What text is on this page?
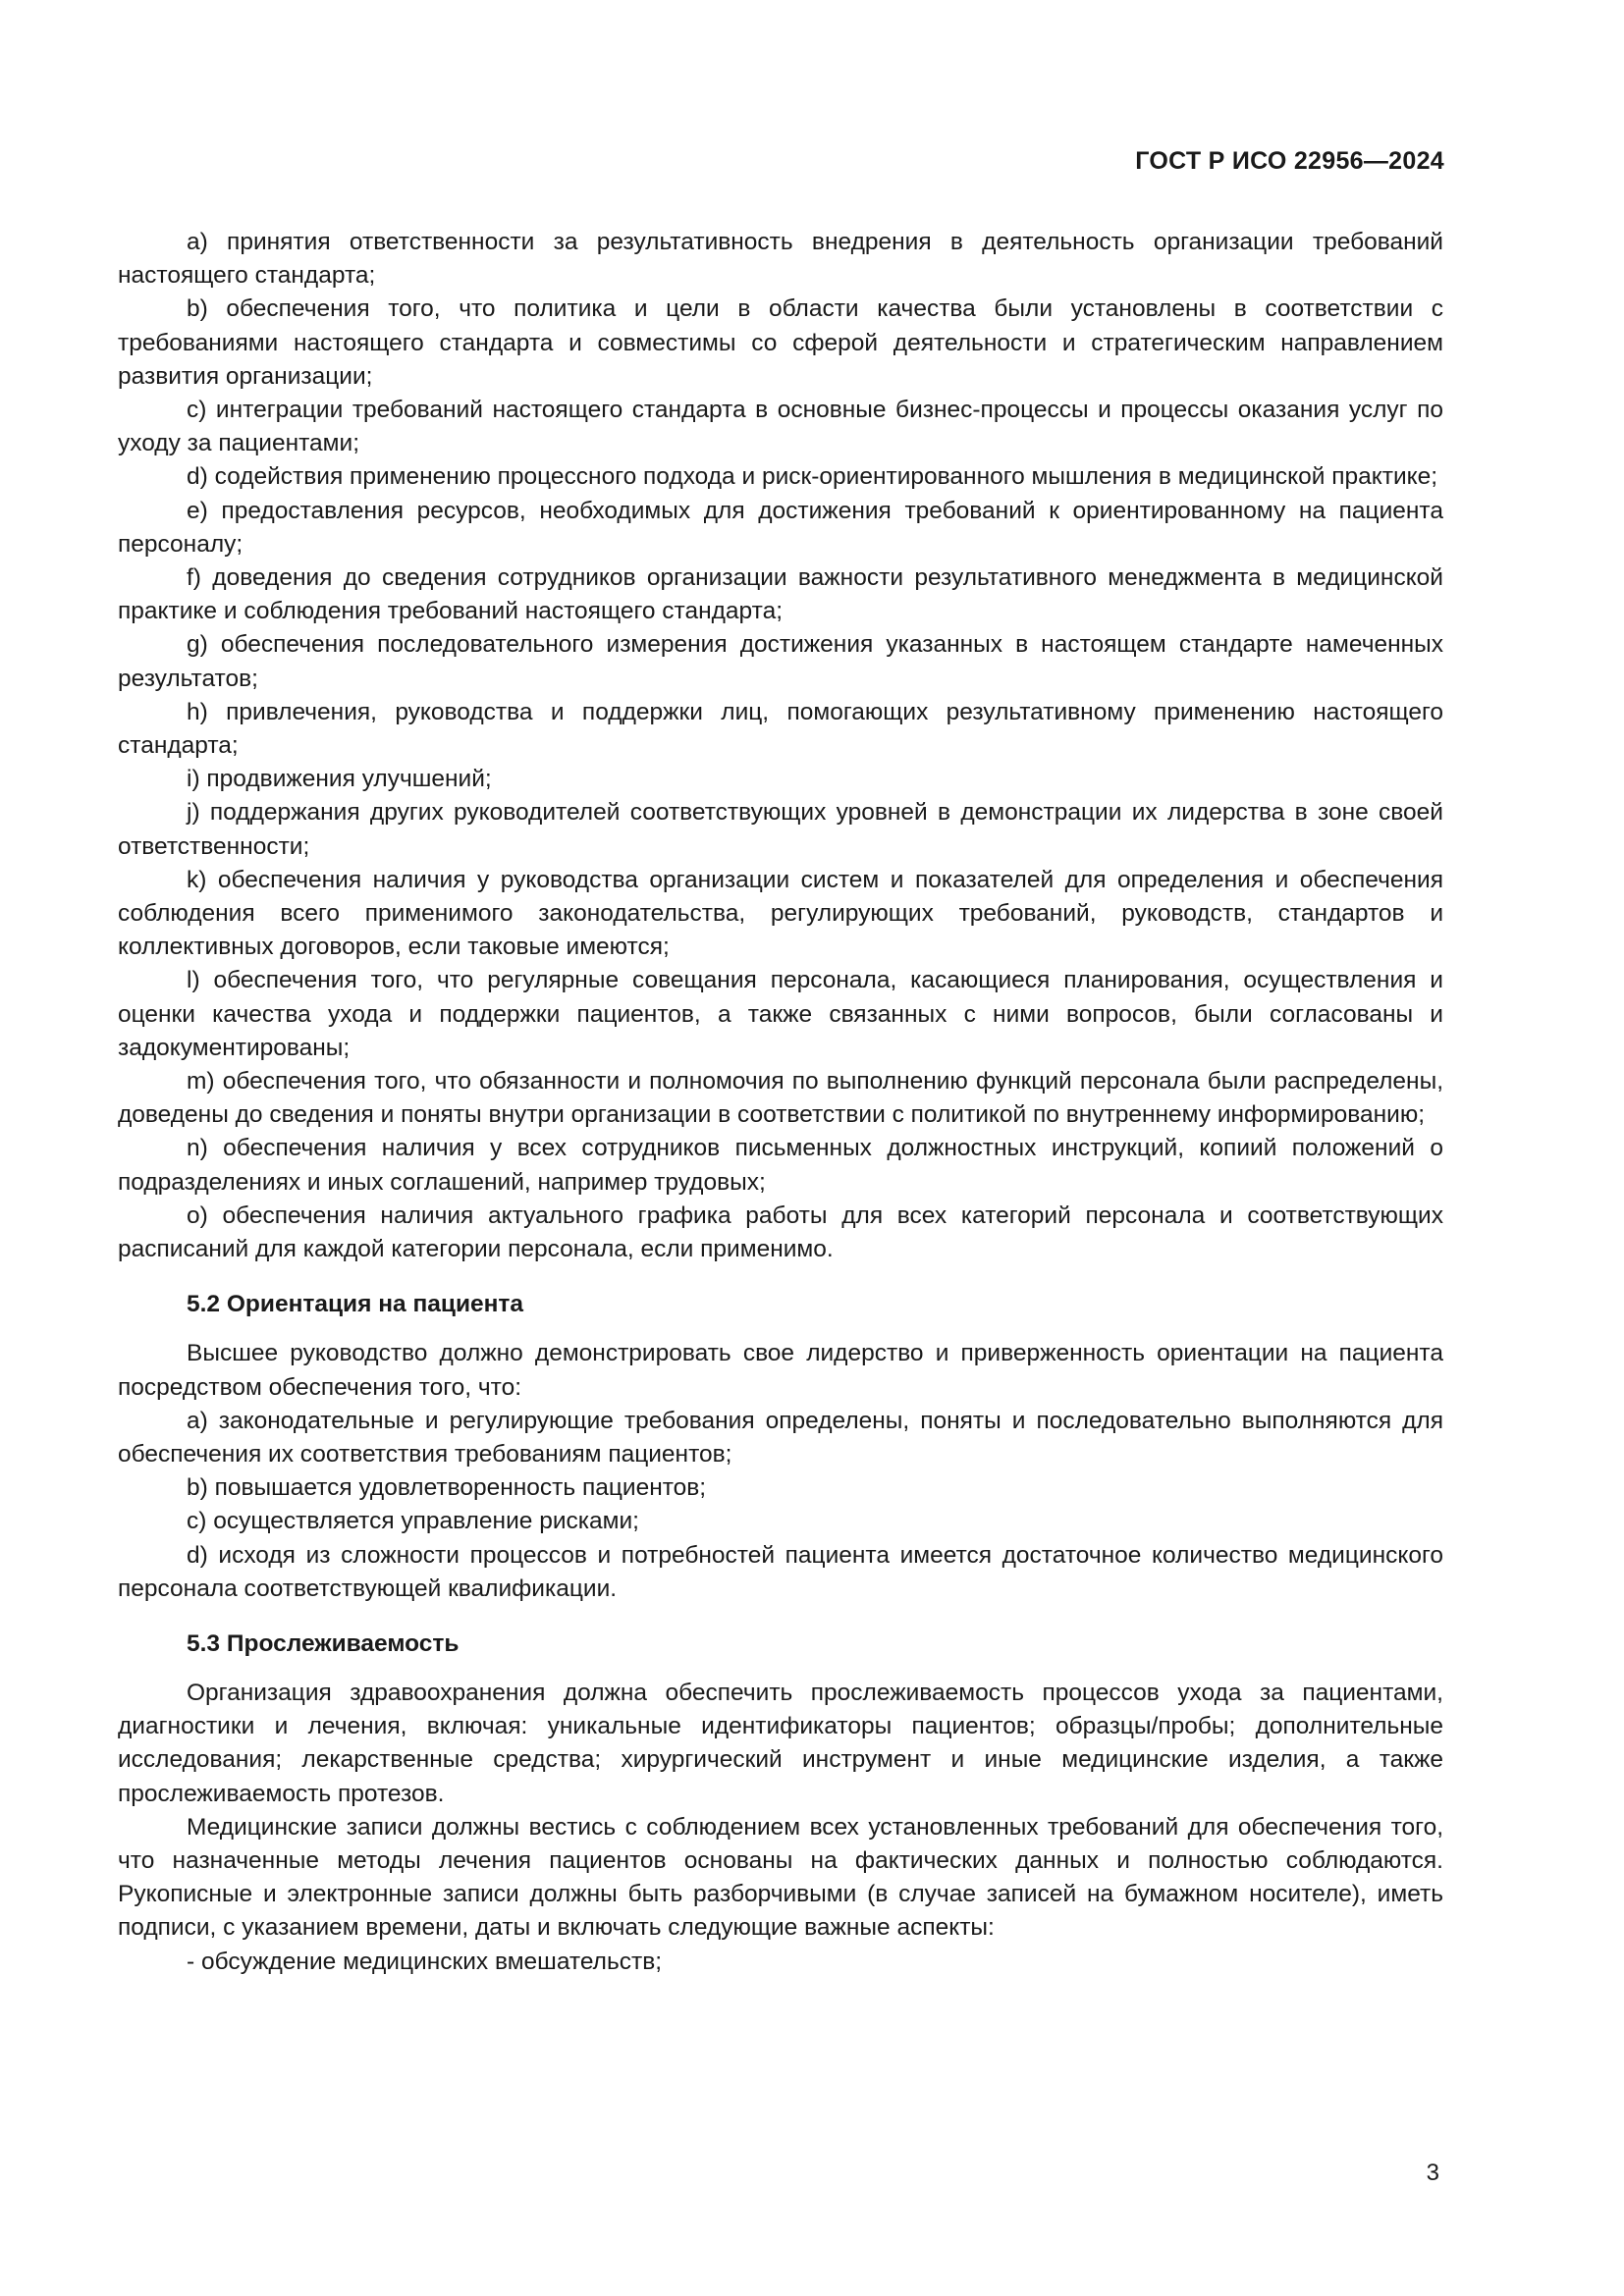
ГОСТ Р ИСО 22956—2024

а) принятия ответственности за результативность внедрения в деятельность организации требований настоящего стандарта;

b) обеспечения того, что политика и цели в области качества были установлены в соответствии с требованиями настоящего стандарта и совместимы со сферой деятельности и стратегическим направлением развития организации;

c) интеграции требований настоящего стандарта в основные бизнес-процессы и процессы оказания услуг по уходу за пациентами;

d) содействия применению процессного подхода и риск-ориентированного мышления в медицинской практике;

e) предоставления ресурсов, необходимых для достижения требований к ориентированному на пациента персоналу;

f) доведения до сведения сотрудников организации важности результативного менеджмента в медицинской практике и соблюдения требований настоящего стандарта;

g) обеспечения последовательного измерения достижения указанных в настоящем стандарте намеченных результатов;

h) привлечения, руководства и поддержки лиц, помогающих результативному применению настоящего стандарта;

i) продвижения улучшений;

j) поддержания других руководителей соответствующих уровней в демонстрации их лидерства в зоне своей ответственности;

k) обеспечения наличия у руководства организации систем и показателей для определения и обеспечения соблюдения всего применимого законодательства, регулирующих требований, руководств, стандартов и коллективных договоров, если таковые имеются;

l) обеспечения того, что регулярные совещания персонала, касающиеся планирования, осуществления и оценки качества ухода и поддержки пациентов, а также связанных с ними вопросов, были согласованы и задокументированы;

m) обеспечения того, что обязанности и полномочия по выполнению функций персонала были распределены, доведены до сведения и поняты внутри организации в соответствии с политикой по внутреннему информированию;

n) обеспечения наличия у всех сотрудников письменных должностных инструкций, копиий положений о подразделениях и иных соглашений, например трудовых;

o) обеспечения наличия актуального графика работы для всех категорий персонала и соответствующих расписаний для каждой категории персонала, если применимо.

5.2 Ориентация на пациента

Высшее руководство должно демонстрировать свое лидерство и приверженность ориентации на пациента посредством обеспечения того, что:

a) законодательные и регулирующие требования определены, поняты и последовательно выполняются для обеспечения их соответствия требованиям пациентов;

b) повышается удовлетворенность пациентов;

c) осуществляется управление рисками;

d) исходя из сложности процессов и потребностей пациента имеется достаточное количество медицинского персонала соответствующей квалификации.

5.3 Прослеживаемость

Организация здравоохранения должна обеспечить прослеживаемость процессов ухода за пациентами, диагностики и лечения, включая: уникальные идентификаторы пациентов; образцы/пробы; дополнительные исследования; лекарственные средства; хирургический инструмент и иные медицинские изделия, а также прослеживаемость протезов.

Медицинские записи должны вестись с соблюдением всех установленных требований для обеспечения того, что назначенные методы лечения пациентов основаны на фактических данных и полностью соблюдаются. Рукописные и электронные записи должны быть разборчивыми (в случае записей на бумажном носителе), иметь подписи, с указанием времени, даты и включать следующие важные аспекты:

- обсуждение медицинских вмешательств;

3
